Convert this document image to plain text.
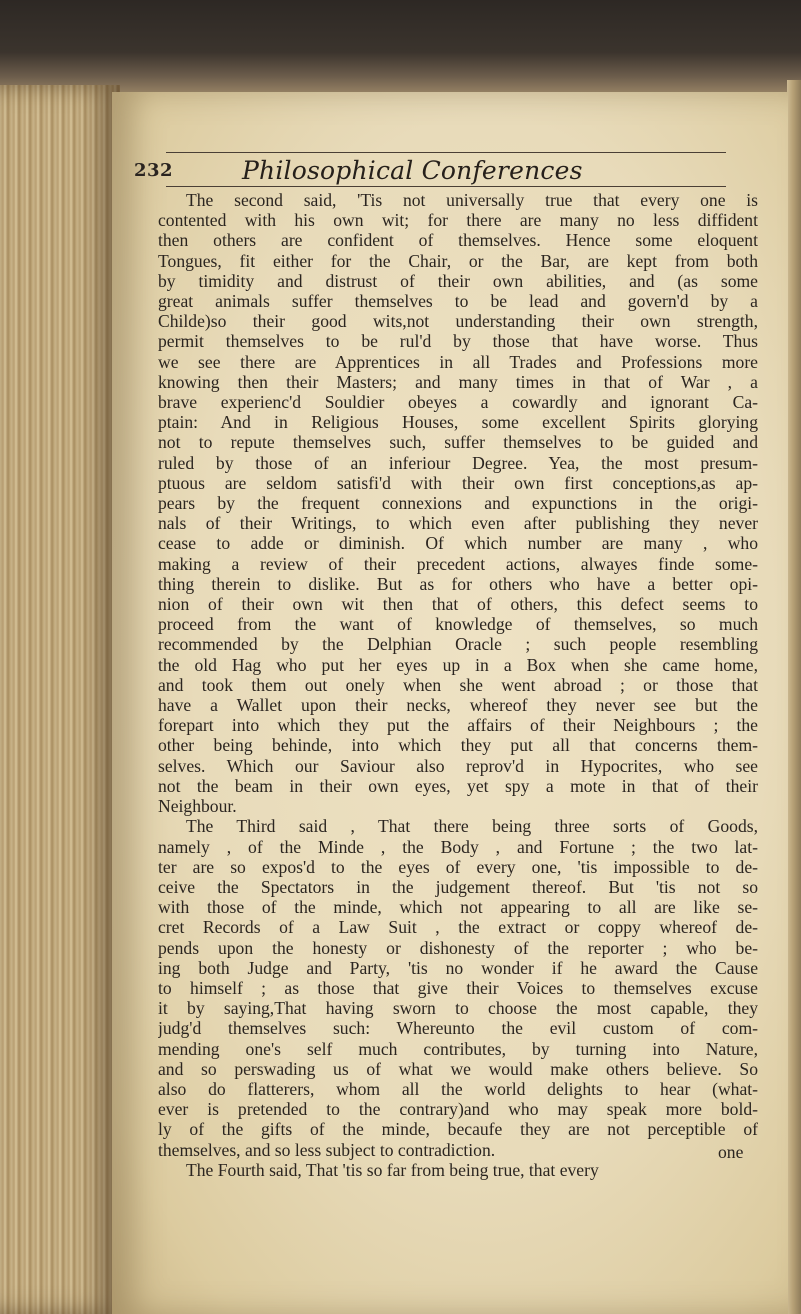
232	Philosophical Conferences
The second said, 'Tis not universally true that every one is
contented with his own wit; for there are many no less diffident
then others are confident of themselves. Hence some eloquent
Tongues, fit either for the Chair, or the Bar, are kept from both
by timidity and distrust of their own abilities, and (as some
great animals suffer themselves to be lead and govern'd by a
Childe)so their good wits,not understanding their own strength,
permit themselves to be rul'd by those that have worse. Thus
we see there are Apprentices in all Trades and Professions more
knowing then their Masters; and many times in that of War , a
brave experienc'd Souldier obeyes a cowardly and ignorant Ca-
ptain: And in Religious Houses, some excellent Spirits glorying
not to repute themselves such, suffer themselves to be guided and
ruled by those of an inferiour Degree. Yea, the most presum-
ptuous are seldom satisfi'd with their own first conceptions,as ap-
pears by the frequent connexions and expunctions in the origi-
nals of their Writings, to which even after publishing they never
cease to adde or diminish. Of which number are many , who
making a review of their precedent actions, alwayes finde some-
thing therein to dislike. But as for others who have a better opi-
nion of their own wit then that of others, this defect seems to
proceed from the want of knowledge of themselves, so much
recommended by the Delphian Oracle ; such people resembling
the old Hag who put her eyes up in a Box when she came home,
and took them out onely when she went abroad ; or those that
have a Wallet upon their necks, whereof they never see but the
forepart into which they put the affairs of their Neighbours ; the
other being behinde, into which they put all that concerns them-
selves. Which our Saviour also reprov'd in Hypocrites, who see
not the beam in their own eyes, yet spy a mote in that of their
Neighbour.
The Third said , That there being three sorts of Goods,
namely , of the Minde , the Body , and Fortune ; the two lat-
ter are so expos'd to the eyes of every one, 'tis impossible to de-
ceive the Spectators in the judgement thereof. But 'tis not so
with those of the minde, which not appearing to all are like se-
cret Records of a Law Suit , the extract or coppy whereof de-
pends upon the honesty or dishonesty of the reporter ; who be-
ing both Judge and Party, 'tis no wonder if he award the Cause
to himself ; as those that give their Voices to themselves excuse
it by saying,That having sworn to choose the most capable, they
judg'd themselves such: Whereunto the evil custom of com-
mending one's self much contributes, by turning into Nature,
and so perswading us of what we would make others believe. So
also do flatterers, whom all the world delights to hear (what-
ever is pretended to the contrary)and who may speak more bold-
ly of the gifts of the minde, becaufe they are not perceptible of
themselves, and so less subject to contradiction.
The Fourth said, That 'tis so far from being true, that every
one
